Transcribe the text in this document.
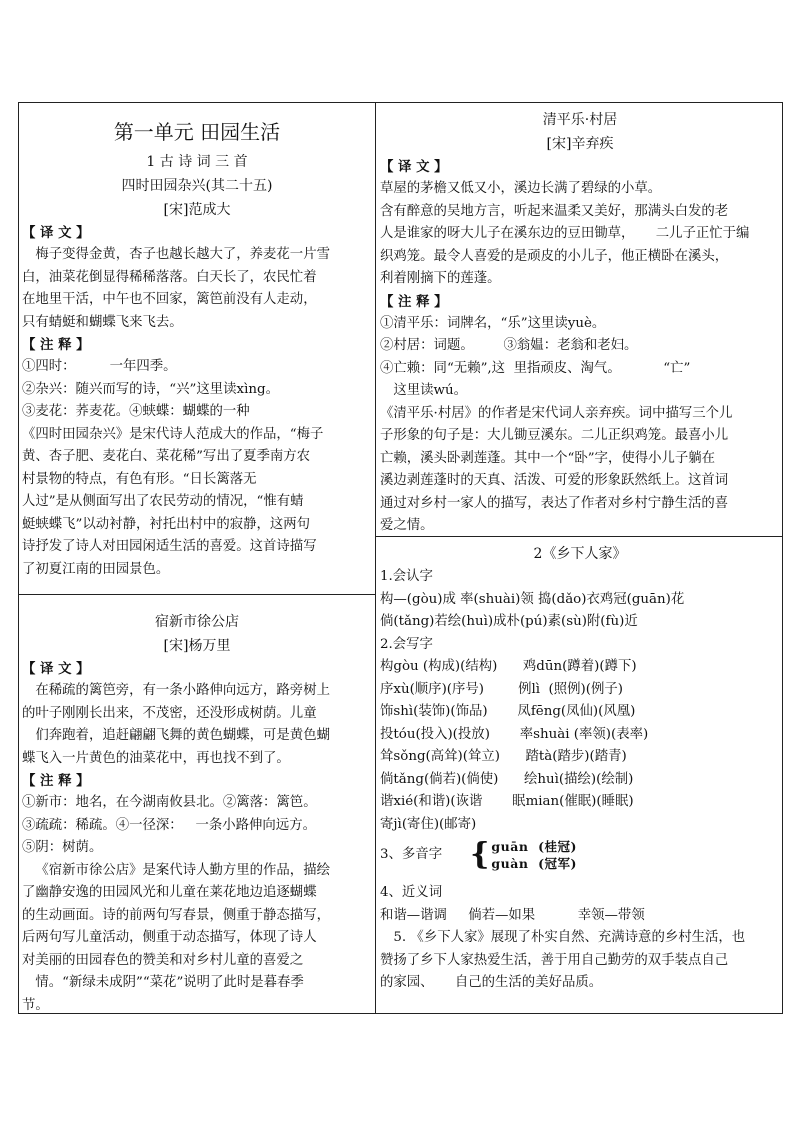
第一单元 田园生活

1 古 诗 词 三 首

四时田园杂兴(其二十五)

[宋]范成大

【 译 文 】

梅子变得金黄，杏子也越长越大了，养麦花一片雪

白，油菜花倒显得稀稀落落。白天长了，农民忙着

在地里干活，中午也不回家，篱笆前没有人走动，

只有蜻蜓和蝴蝶飞来飞去。

【 注 释 】

①四时：        一年四季。

②杂兴：随兴而写的诗，“兴”这里读xìng。

③麦花：荞麦花。④蛱蝶：蝴蝶的一种

《四时田园杂兴》是宋代诗人范成大的作品，“梅子

黄、杏子肥、麦花白、菜花稀”写出了夏季南方农

村景物的特点，有色有形。“日长篱落无

人过”是从侧面写出了农民劳动的情况，“惟有蜻

蜓蛱蝶飞”以动衬静，衬托出村中的寂静，这两句

诗抒发了诗人对田园闲适生活的喜爱。这首诗描写

了初夏江南的田园景色。

宿新市徐公店

[宋]杨万里

【 译 文 】

在稀疏的篱笆旁，有一条小路伸向远方，路旁树上

的叶子刚刚长出来，不茂密，还没形成树荫。儿童

们奔跑着，追赶翩翩飞舞的黄色蝴蝶，可是黄色蝴

蝶飞入一片黄色的油菜花中，再也找不到了。

【 注 释 】

①新市：地名，在今湖南攸县北。②篱落：篱笆。

③疏疏：稀疏。④一径深：   一条小路伸向远方。

⑤阴：树荫。

《宿新市徐公店》是案代诗人勤方里的作品，描绘

了幽静安逸的田园风光和儿童在莱花地边追逐蝴蝶

的生动画面。诗的前两句写春景，侧重于静态描写，

后两句写儿童活动，侧重于动态描写，体现了诗人

对美丽的田园春色的赞美和对乡村儿童的喜爱之

情。“新绿未成阴”“菜花”说明了此时是暮春季

节。

清平乐·村居

[宋]辛弃疾

【 译 文 】

草屋的茅檐又低又小，溪边长满了碧绿的小草。

含有醉意的吴地方言，听起来温柔又美好，那满头白发的老

人是谁家的呀大儿子在溪东边的豆田锄草，     二儿子正忙于编

织鸡笼。最令人喜爱的是顽皮的小儿子，他正横卧在溪头，

利着刚摘下的莲蓬。

【 注 释 】

①清平乐：词牌名，“乐”这里读yuè。

②村居：词题。       ③翁媪：老翁和老妇。

④亡赖：同“无赖”,这  里指顽皮、淘气。          “亡”

这里读wú。

《清平乐·村居》的作者是宋代词人亲弃疾。词中描写三个儿

子形象的句子是：大儿锄豆溪东。二儿正织鸡笼。最喜小儿

亡赖，溪头卧剥莲蓬。其中一个“卧”字，使得小儿子躺在

溪边剥莲蓬时的天真、活泼、可爱的形象跃然纸上。这首词

通过对乡村一家人的描写，表达了作者对乡村宁静生活的喜

爱之情。

2《乡下人家》

1.会认字

构—(gòu)成 率(shuài)领 捣(dǎo)衣鸡冠(guān)花

倘(tǎng)若绘(huì)成朴(pú)素(sù)附(fù)近

2.会写字

构gòu (构成)(结构)      鸡dūn(蹲着)(蹲下)

序xù(顺序)(序号)        例lì  (照例)(例子)

饰shì(装饰)(饰品)       凤fēng(凤仙)(风凰)

投tóu(投入)(投放)       率shuài (率领)(表率)

耸sǒng(高耸)(耸立)      踏tà(踏步)(踏青)

倘tǎng(倘若)(倘使)      绘huì(描绘)(绘制)

谐xié(和谐)(诙谐       眠mian(催眠)(睡眠)

寄jì(寄住)(邮寄)

3、多音字 { guān  (桂冠)
guàn  (冠军)

4、近义词

和谐—谐调     倘若—如果          幸领—带领

5. 《乡下人家》展现了朴实自然、充满诗意的乡村生活，也

赞扬了乡下人家热爱生活，善于用自己勤劳的双手装点自己

的家园、     自己的生活的美好品质。
